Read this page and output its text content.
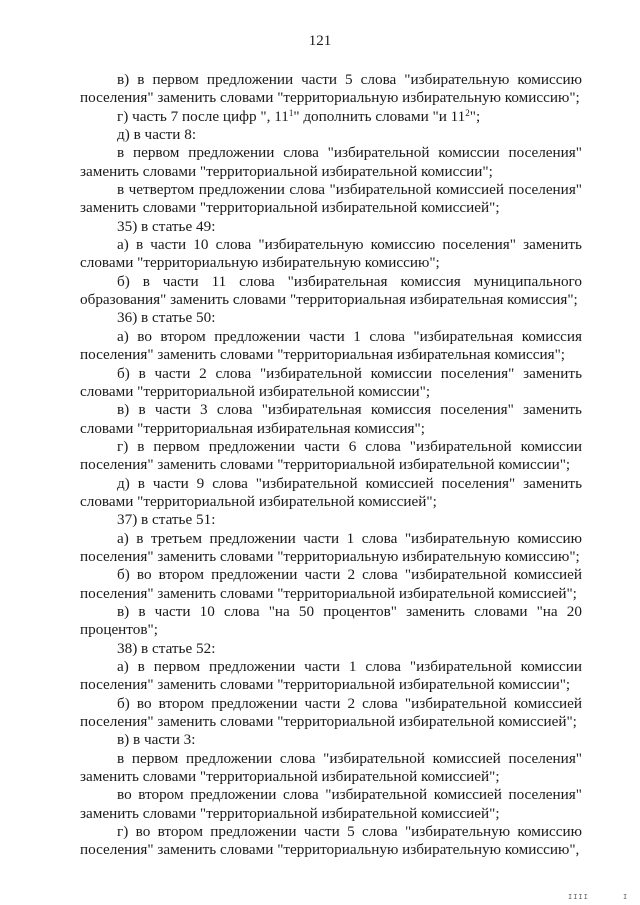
121

в) в первом предложении части 5 слова "избирательную комиссию поселения" заменить словами "территориальную избирательную комиссию";

г) часть 7 после цифр ", $11^1$" дополнить словами "и $11^2$";

д) в части 8:

в первом предложении слова "избирательной комиссии поселения" заменить словами "территориальной избирательной комиссии";

в четвертом предложении слова "избирательной комиссией поселения" заменить словами "территориальной избирательной комиссией";

35) в статье 49:

а) в части 10 слова "избирательную комиссию поселения" заменить словами "территориальную избирательную комиссию";

б) в части 11 слова "избирательная комиссия муниципального образования" заменить словами "территориальная избирательная комиссия";

36) в статье 50:

а) во втором предложении части 1 слова "избирательная комиссия поселения" заменить словами "территориальная избирательная комиссия";

б) в части 2 слова "избирательной комиссии поселения" заменить словами "территориальной избирательной комиссии";

в) в части 3 слова "избирательная комиссия поселения" заменить словами "территориальная избирательная комиссия";

г) в первом предложении части 6 слова "избирательной комиссии поселения" заменить словами "территориальной избирательной комиссии";

д) в части 9 слова "избирательной комиссией поселения" заменить словами "территориальной избирательной комиссией";

37) в статье 51:

а) в третьем предложении части 1 слова "избирательную комиссию поселения" заменить словами "территориальную избирательную комиссию";

б) во втором предложении части 2 слова "избирательной комиссией поселения" заменить словами "территориальной избирательной комиссией";

в) в части 10 слова "на 50 процентов" заменить словами "на 20 процентов";

38) в статье 52:

а) в первом предложении части 1 слова "избирательной комиссии поселения" заменить словами "территориальной избирательной комиссии";

б) во втором предложении части 2 слова "избирательной комиссией поселения" заменить словами "территориальной избирательной комиссией";

в) в части 3:

в первом предложении слова "избирательной комиссией поселения" заменить словами "территориальной избирательной комиссией";

во втором предложении слова "избирательной комиссией поселения" заменить словами "территориальной избирательной комиссией";

г) во втором предложении части 5 слова "избирательную комиссию поселения" заменить словами "территориальную избирательную комиссию",

IIII	I
